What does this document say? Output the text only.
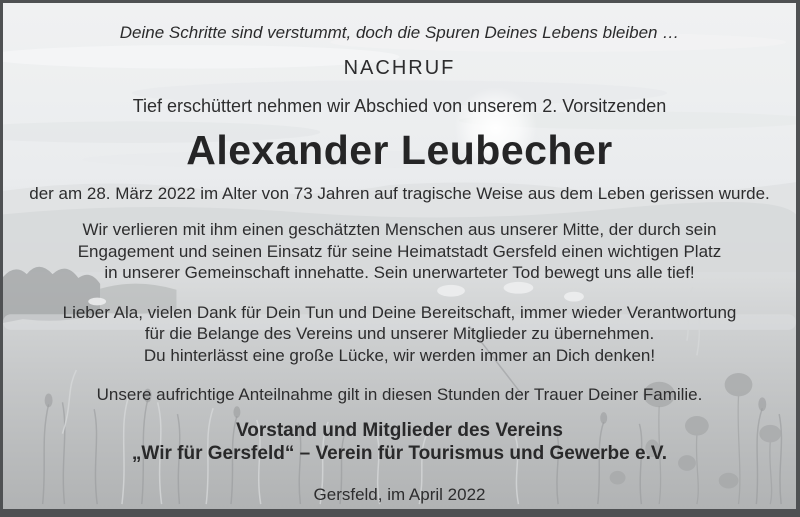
Deine Schritte sind verstummt, doch die Spuren Deines Lebens bleiben …
NACHRUF
Tief erschüttert nehmen wir Abschied von unserem 2. Vorsitzenden
Alexander Leubecher
der am 28. März 2022 im Alter von 73 Jahren auf tragische Weise aus dem Leben gerissen wurde.
Wir verlieren mit ihm einen geschätzten Menschen aus unserer Mitte, der durch sein
Engagement und seinen Einsatz für seine Heimatstadt Gersfeld einen wichtigen Platz
in unserer Gemeinschaft innehatte. Sein unerwarteter Tod bewegt uns alle tief!
Lieber Ala, vielen Dank für Dein Tun und Deine Bereitschaft, immer wieder Verantwortung
für die Belange des Vereins und unserer Mitglieder zu übernehmen.
Du hinterlässt eine große Lücke, wir werden immer an Dich denken!
Unsere aufrichtige Anteilnahme gilt in diesen Stunden der Trauer Deiner Familie.
Vorstand und Mitglieder des Vereins
„Wir für Gersfeld“ – Verein für Tourismus und Gewerbe e.V.
Gersfeld, im April 2022
